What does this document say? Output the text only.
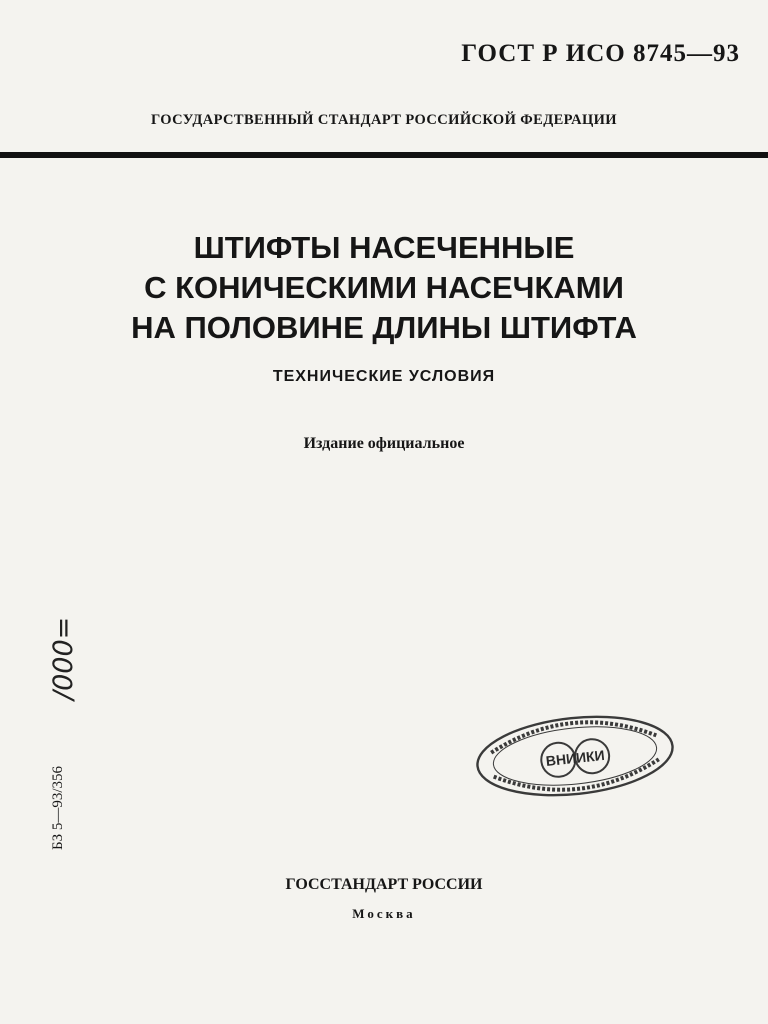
ГОСТ Р ИСО 8745—93
ГОСУДАРСТВЕННЫЙ СТАНДАРТ РОССИЙСКОЙ ФЕДЕРАЦИИ
ШТИФТЫ НАСЕЧЕННЫЕ
С КОНИЧЕСКИМИ НАСЕЧКАМИ
НА ПОЛОВИНЕ ДЛИНЫ ШТИФТА
ТЕХНИЧЕСКИЕ УСЛОВИЯ
Издание официальное
БЗ 5—93/356
/000=
ВНИИКИ
ГОССТАНДАРТ РОССИИ
Москва
